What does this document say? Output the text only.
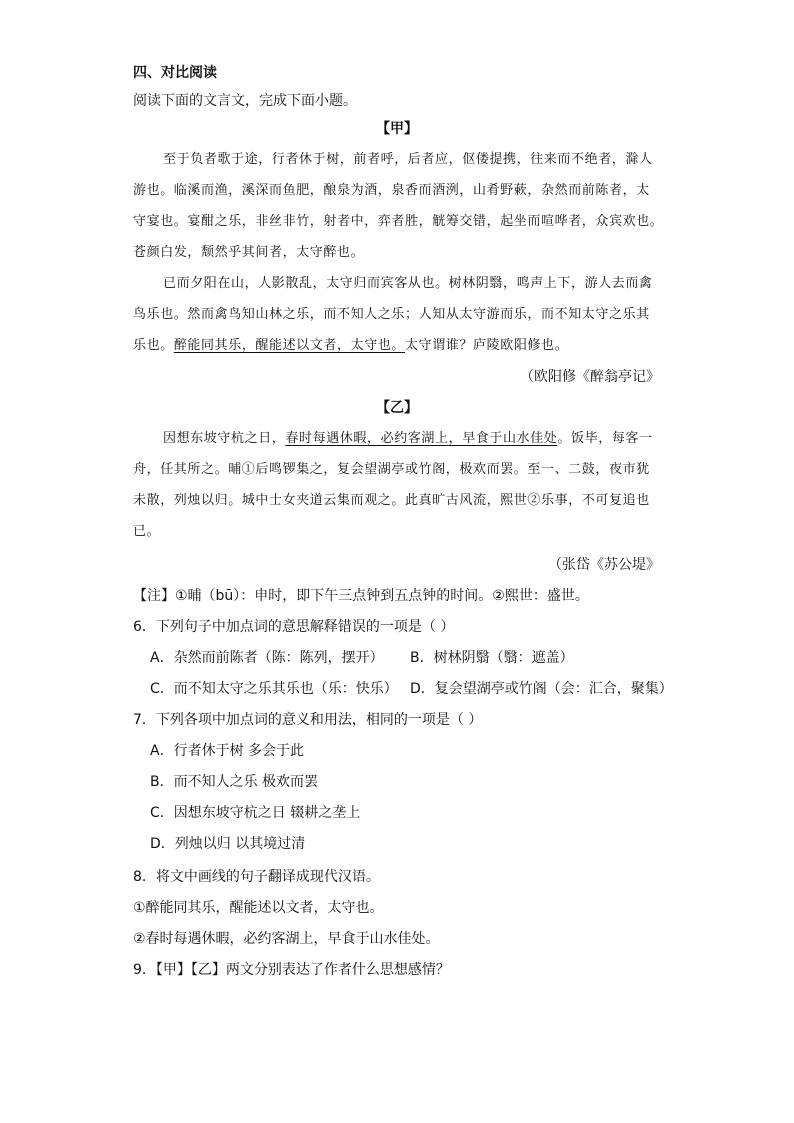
四、对比阅读
阅读下面的文言文，完成下面小题。
【甲】
至于负者歌于途，行者休于树，前者呼，后者应，伛偻提携，往来而不绝者，滁人
游也。临溪而渔，溪深而鱼肥，酿泉为酒，泉香而酒洌，山肴野蔌，杂然而前陈者，太
守宴也。宴酣之乐，非丝非竹，射者中，弈者胜，觥筹交错，起坐而喧哗者，众宾欢也。
苍颜白发，颓然乎其间者，太守醉也。
已而夕阳在山，人影散乱，太守归而宾客从也。树林阴翳，鸣声上下，游人去而禽
鸟乐也。然而禽鸟知山林之乐，而不知人之乐；人知从太守游而乐，而不知太守之乐其
乐也。醉能同其乐，醒能述以文者，太守也。太守谓谁？庐陵欧阳修也。
（欧阳修《醉翁亭记》
【乙】
因想东坡守杭之日，春时每遇休暇，必约客湖上，早食于山水佳处。饭毕，每客一
舟，任其所之。晡①后鸣锣集之，复会望湖亭或竹阁，极欢而罢。至一、二鼓，夜市犹
未散，列烛以归。城中士女夹道云集而观之。此真旷古风流，熙世②乐事，不可复追也
已。
（张岱《苏公堤》
【注】①晡（bū）：申时，即下午三点钟到五点钟的时间。②熙世：盛世。
6．下列句子中加点词的意思解释错误的一项是（ ）
A．杂然而前陈者（陈：陈列，摆开） B．树林阴翳（翳：遮盖）
C．而不知太守之乐其乐也（乐：快乐） D．复会望湖亭或竹阁（会：汇合，聚集）
7．下列各项中加点词的意义和用法，相同的一项是（ ）
A．行者休于树 多会于此
B．而不知人之乐 极欢而罢
C．因想东坡守杭之日 辍耕之垄上
D．列烛以归 以其境过清
8．将文中画线的句子翻译成现代汉语。
①醉能同其乐，醒能述以文者，太守也。
②春时每遇休暇，必约客湖上，早食于山水佳处。
9．【甲】【乙】两文分别表达了作者什么思想感情？
